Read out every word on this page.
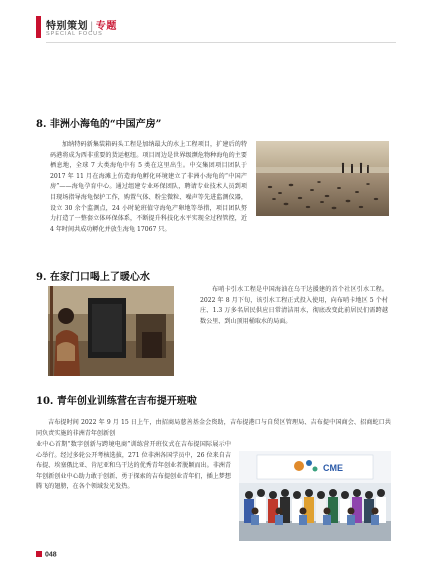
特别策划 | 专题
SPECIAL FOCUS
8. 非洲小海龟的“中国产房”
加纳特码新集装箱码头工程是加纳最大的水上工程项目，扩建后的特码港将成为西非重要的货运枢纽。项目周边是世界级濒危物种海龟的主要栖息地，全球 7 大类海龟中有 5 类在这里出生。中交集团项目团队于 2017 年 11 月在海滩上仿造海龟孵化环境建立了非洲小海龟的“中国产房”——海龟孕育中心。通过组建专业环保团队，聘请专业技术人员到项目现场指导海龟保护工作，购置气体、粉尘微粒、噪声等先进监测仪器，设立 30 余个监测点，24 小时轮班值守海龟产卵地等举措，项目团队努力打造了一整套立体环保体系，不断提升科技化水平实现全过程管控，近 4 年时间共成功孵化并放生海龟 17067 只。
9. 在家门口喝上了暖心水
布哨卡引水工程是中国海油在乌干达援建的首个社区引水工程。2022 年 8 月下旬，该引水工程正式投入使用，向布哨卡地区 5 个村庄、1.3 万多名居民供应日常清洁用水，彻底改变此前居民们需跨越数公里、到山顶用桶取水的局面。
10. 青年创业训练营在吉布提开班啦
吉布提时间 2022 年 9 月 15 日上午，由招商局慈善基金会资助，吉布提港口与自贸区管理局、吉布提中国商会、招商蛇口共同负责实施的非洲青年创新创
业中心首期“数字创新与跨境电商”训练营开班仪式在吉布提国际展示中心举行。经过多轮公开考核选拔，271 位非洲各国学员中，26 位来自吉布提、埃塞俄比亚、肯尼亚和乌干达的优秀青年创业者脱颖而出。非洲青年创新创业中心助力敢于创新、勇于探索的吉布提创业青年们，插上梦想腾飞的翅膀，在各个领域发光发热。
CME
048
